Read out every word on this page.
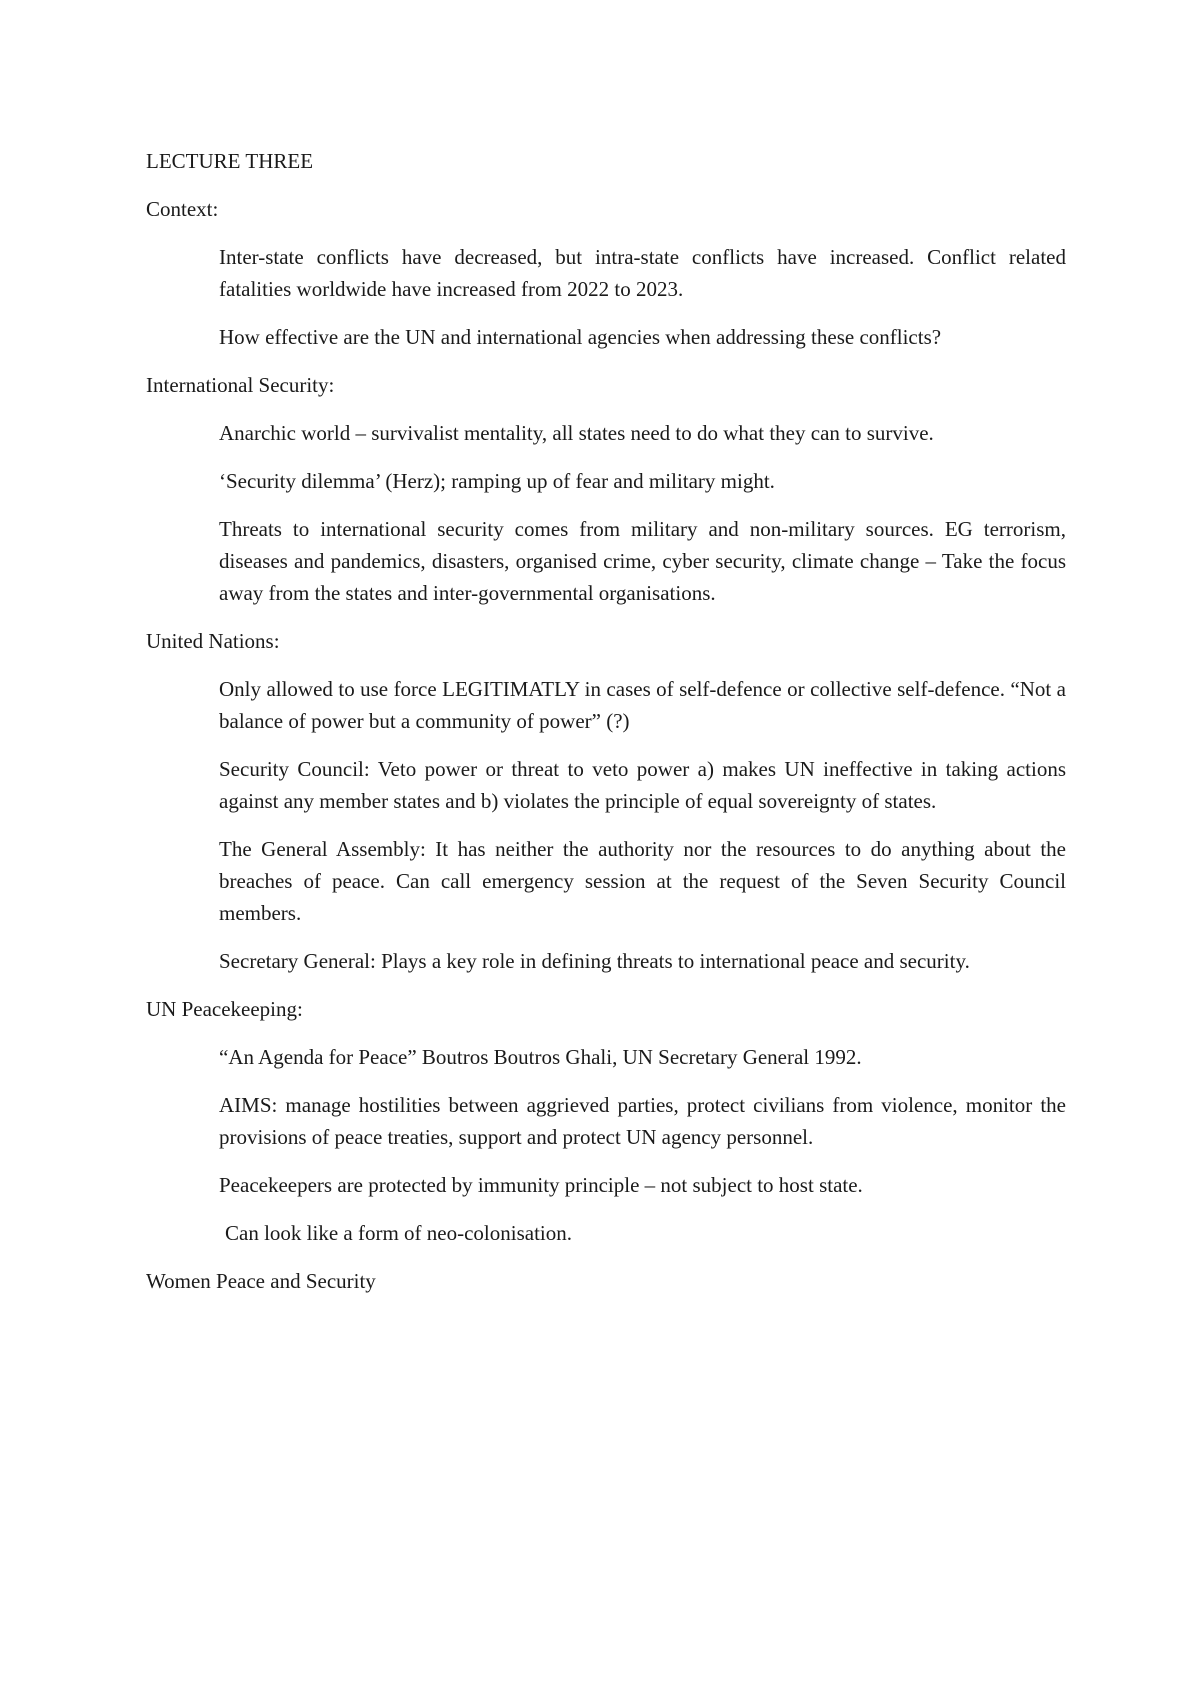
LECTURE THREE

Context:

Inter-state conflicts have decreased, but intra-state conflicts have increased. Conflict related fatalities worldwide have increased from 2022 to 2023.

How effective are the UN and international agencies when addressing these conflicts?

International Security:

Anarchic world – survivalist mentality, all states need to do what they can to survive.

‘Security dilemma’ (Herz); ramping up of fear and military might.

Threats to international security comes from military and non-military sources. EG terrorism, diseases and pandemics, disasters, organised crime, cyber security, climate change – Take the focus away from the states and inter-governmental organisations.

United Nations:

Only allowed to use force LEGITIMATLY in cases of self-defence or collective self-defence. “Not a balance of power but a community of power” (?)

Security Council: Veto power or threat to veto power a) makes UN ineffective in taking actions against any member states and b) violates the principle of equal sovereignty of states.

The General Assembly: It has neither the authority nor the resources to do anything about the breaches of peace. Can call emergency session at the request of the Seven Security Council members.

Secretary General: Plays a key role in defining threats to international peace and security.

UN Peacekeeping:

“An Agenda for Peace” Boutros Boutros Ghali, UN Secretary General 1992.

AIMS: manage hostilities between aggrieved parties, protect civilians from violence, monitor the provisions of peace treaties, support and protect UN agency personnel.

Peacekeepers are protected by immunity principle – not subject to host state.

Can look like a form of neo-colonisation.

Women Peace and Security
